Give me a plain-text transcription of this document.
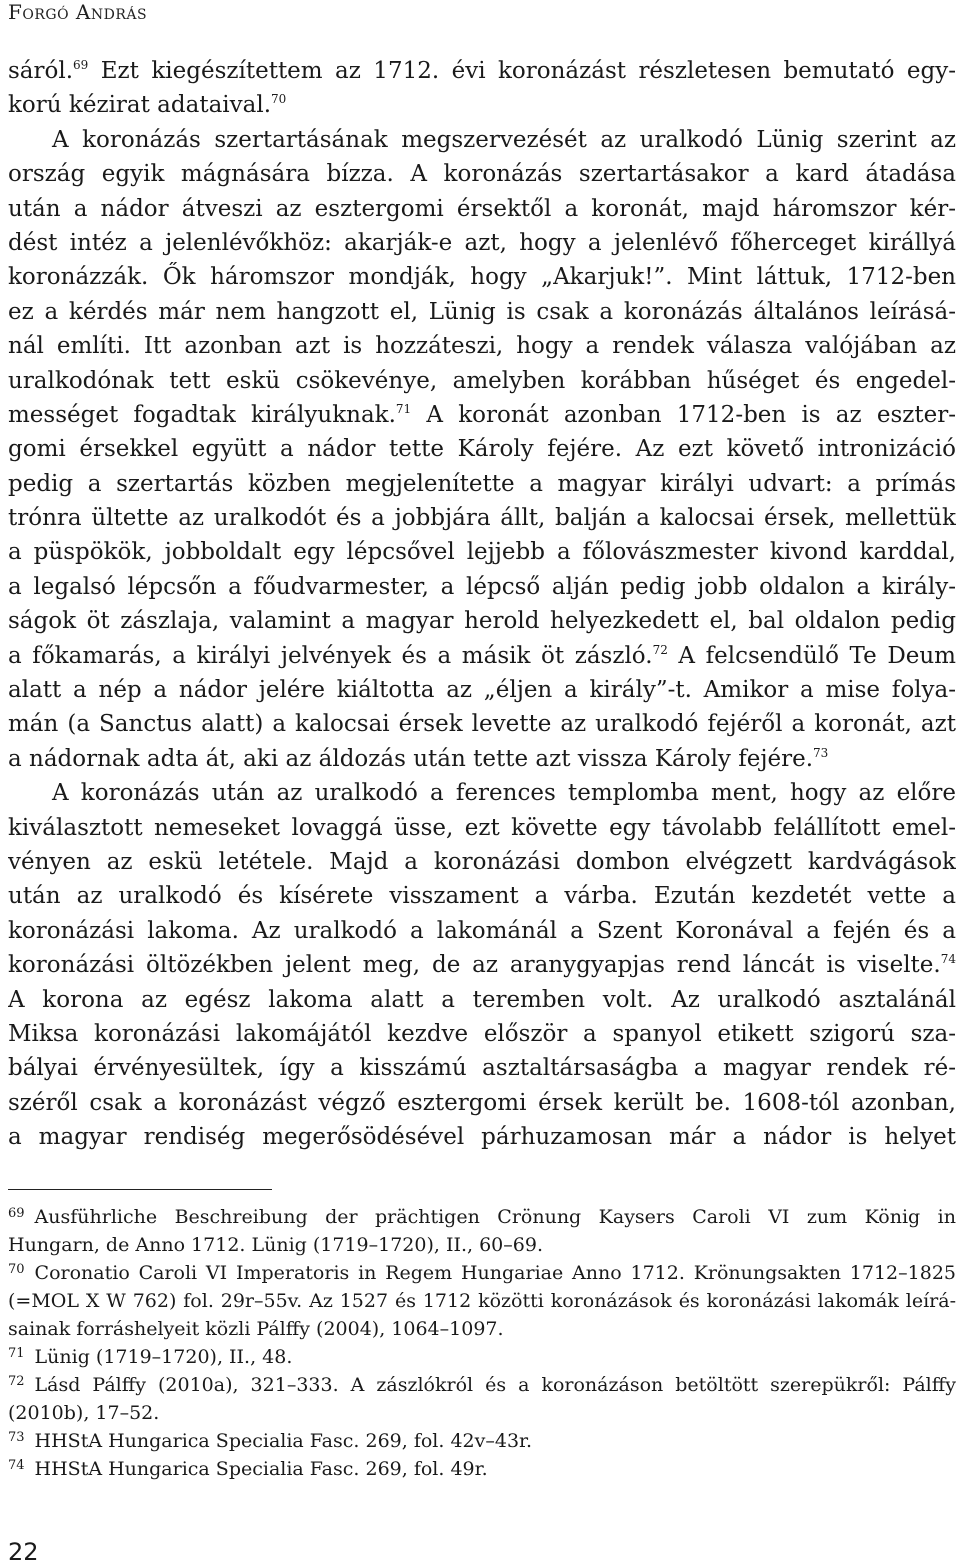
Forgó András
sáról.$^{69}$ Ezt kiegészítettem az 1712. évi koronázást részletesen bemutató egy-
korú kézirat adataival.$^{70}$
A koronázás szertartásának megszervezését az uralkodó Lünig szerint az
ország egyik mágnására bízza. A koronázás szertartásakor a kard átadása
után a nádor átveszi az esztergomi érsektől a koronát, majd háromszor kér-
dést intéz a jelenlévőkhöz: akarják-e azt, hogy a jelenlévő főherceget királlyá
koronázzák. Ők háromszor mondják, hogy „Akarjuk!”. Mint láttuk, 1712-ben
ez a kérdés már nem hangzott el, Lünig is csak a koronázás általános leírásá-
nál említi. Itt azonban azt is hozzáteszi, hogy a rendek válasza valójában az
uralkodónak tett eskü csökevénye, amelyben korábban hűséget és engedel-
mességet fogadtak királyuknak.$^{71}$ A koronát azonban 1712-ben is az eszter-
gomi érsekkel együtt a nádor tette Károly fejére. Az ezt követő intronizáció
pedig a szertartás közben megjelenítette a magyar királyi udvart: a prímás
trónra ültette az uralkodót és a jobbjára állt, balján a kalocsai érsek, mellettük
a püspökök, jobboldalt egy lépcsővel lejjebb a főlovászmester kivond karddal,
a legalsó lépcsőn a főudvarmester, a lépcső alján pedig jobb oldalon a király-
ságok öt zászlaja, valamint a magyar herold helyezkedett el, bal oldalon pedig
a főkamarás, a királyi jelvények és a másik öt zászló.$^{72}$ A felcsendülő Te Deum
alatt a nép a nádor jelére kiáltotta az „éljen a király”-t. Amikor a mise folya-
mán (a Sanctus alatt) a kalocsai érsek levette az uralkodó fejéről a koronát, azt
a nádornak adta át, aki az áldozás után tette azt vissza Károly fejére.$^{73}$
A koronázás után az uralkodó a ferences templomba ment, hogy az előre
kiválasztott nemeseket lovaggá üsse, ezt követte egy távolabb felállított emel-
vényen az eskü letétele. Majd a koronázási dombon elvégzett kardvágások
után az uralkodó és kísérete visszament a várba. Ezután kezdetét vette a
koronázási lakoma. Az uralkodó a lakománál a Szent Koronával a fején és a
koronázási öltözékben jelent meg, de az aranygyapjas rend láncát is viselte.$^{74}$
A korona az egész lakoma alatt a teremben volt. Az uralkodó asztalánál
Miksa koronázási lakomájától kezdve először a spanyol etikett szigorú sza-
bályai érvényesültek, így a kisszámú asztaltársaságba a magyar rendek ré-
széről csak a koronázást végző esztergomi érsek került be. 1608-tól azonban,
a magyar rendiség megerősödésével párhuzamosan már a nádor is helyet
$^{69}$ Ausführliche Beschreibung der prächtigen Crönung Kaysers Caroli VI zum König in
Hungarn, de Anno 1712. Lünig (1719–1720), II., 60–69.
$^{70}$ Coronatio Caroli VI Imperatoris in Regem Hungariae Anno 1712. Krönungsakten 1712–1825
(=MOL X W 762) fol. 29r–55v. Az 1527 és 1712 közötti koronázások és koronázási lakomák leírá-
sainak forráshelyeit közli Pálffy (2004), 1064–1097.
$^{71}$ Lünig (1719–1720), II., 48.
$^{72}$ Lásd Pálffy (2010a), 321–333. A zászlókról és a koronázáson betöltött szerepükről: Pálffy
(2010b), 17–52.
$^{73}$ HHStA Hungarica Specialia Fasc. 269, fol. 42v–43r.
$^{74}$ HHStA Hungarica Specialia Fasc. 269, fol. 49r.
22
